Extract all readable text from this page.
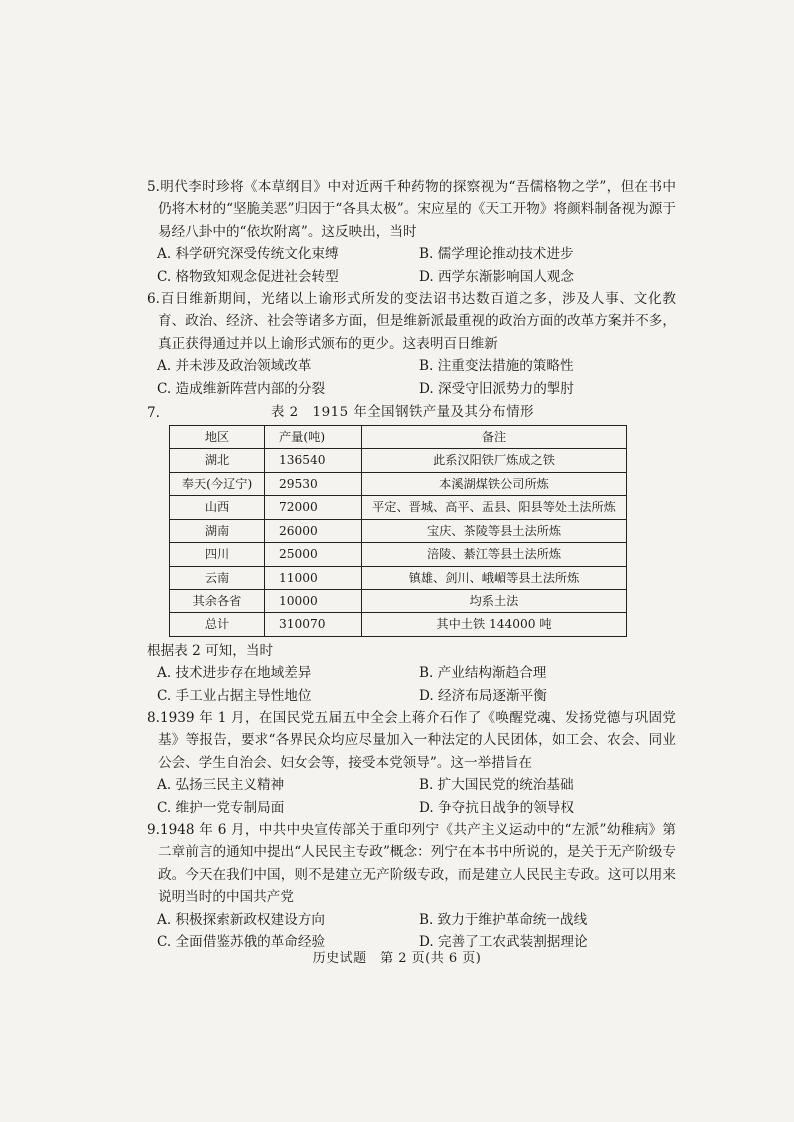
5.明代李时珍将《本草纲目》中对近两千种药物的探察视为“吾儒格物之学”，但在书中仍将木材的“坚脆美恶”归因于“各具太极”。宋应星的《天工开物》将颜料制备视为源于易经八卦中的“依坎附离”。这反映出，当时

A. 科学研究深受传统文化束缚	B. 儒学理论推动技术进步
C. 格物致知观念促进社会转型	D. 西学东渐影响国人观念

6.百日维新期间，光绪以上谕形式所发的变法诏书达数百道之多，涉及人事、文化教育、政治、经济、社会等诸多方面，但是维新派最重视的政治方面的改革方案并不多，真正获得通过并以上谕形式颁布的更少。这表明百日维新

A. 并未涉及政治领域改革	B. 注重变法措施的策略性
C. 造成维新阵营内部的分裂	D. 深受守旧派势力的掣肘
7.	表 2　1915 年全国钢铁产量及其分布情形
地区	产量(吨)	备注
湖北	136540	此系汉阳铁厂炼成之铁
奉天(今辽宁)	29530	本溪湖煤铁公司所炼
山西	72000	平定、晋城、高平、盂县、阳县等处土法所炼
湖南	26000	宝庆、茶陵等县土法所炼
四川	25000	涪陵、綦江等县土法所炼
云南	11000	镇雄、剑川、峨嵋等县土法所炼
其余各省	10000	均系土法
总计	310070	其中土铁 144000 吨

根据表 2 可知，当时

A. 技术进步存在地域差异	B. 产业结构渐趋合理
C. 手工业占据主导性地位	D. 经济布局逐渐平衡

8.1939 年 1 月，在国民党五届五中全会上蒋介石作了《唤醒党魂、发扬党德与巩固党基》等报告，要求“各界民众均应尽量加入一种法定的人民团体，如工会、农会、同业公会、学生自治会、妇女会等，接受本党领导”。这一举措旨在

A. 弘扬三民主义精神	B. 扩大国民党的统治基础
C. 维护一党专制局面	D. 争夺抗日战争的领导权

9.1948 年 6 月，中共中央宣传部关于重印列宁《共产主义运动中的“左派”幼稚病》第二章前言的通知中提出“人民民主专政”概念：列宁在本书中所说的，是关于无产阶级专政。今天在我们中国，则不是建立无产阶级专政，而是建立人民民主专政。这可以用来说明当时的中国共产党

A. 积极探索新政权建设方向	B. 致力于维护革命统一战线
C. 全面借鉴苏俄的革命经验	D. 完善了工农武装割据理论
历史试题　第 2 页(共 6 页)
